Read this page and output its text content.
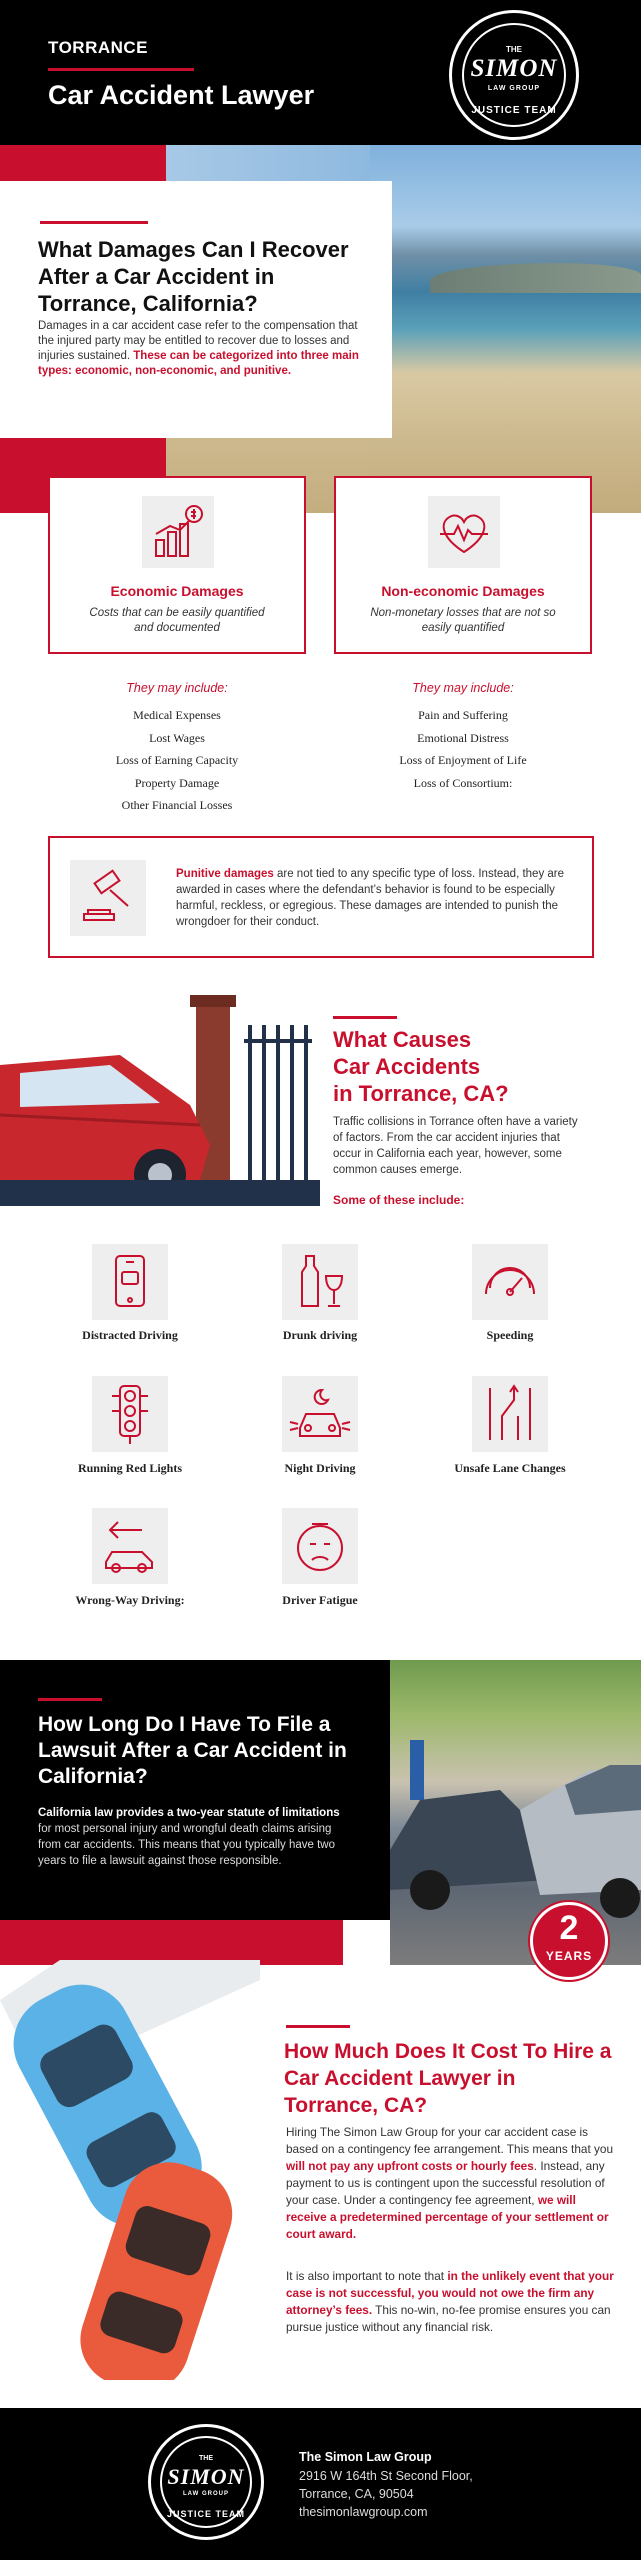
TORRANCE
Car Accident Lawyer
THE
SIMON
LAW GROUP
JUSTICE TEAM
What Damages Can I Recover After a Car Accident in Torrance, California?

Damages in a car accident case refer to the compensation that the injured party may be entitled to recover due to losses and injuries sustained. These can be categorized into three main types: economic, non-economic, and punitive.

Economic Damages
Costs that can be easily quantified and documented
Non-economic Damages
Non-monetary losses that are not so easily quantified
They may include:	They may include:
Medical Expenses
Lost Wages
Loss of Earning Capacity
Property Damage
Other Financial Losses
Pain and Suffering
Emotional Distress
Loss of Enjoyment of Life
Loss of Consortium:

Punitive damages are not tied to any specific type of loss. Instead, they are awarded in cases where the defendant’s behavior is found to be especially harmful, reckless, or egregious. These damages are intended to punish the wrongdoer for their conduct.

What Causes
Car Accidents
in Torrance, CA?

Traffic collisions in Torrance often have a variety of factors. From the car accident injuries that occur in California each year, however, some common causes emerge.

Some of these include:
Distracted Driving	Drunk driving	Speeding
Running Red Lights	Night Driving	Unsafe Lane Changes
Wrong-Way Driving:	Driver Fatigue
How Long Do I Have To File a Lawsuit After a Car Accident in California?

California law provides a two-year statute of limitations for most personal injury and wrongful death claims arising from car accidents. This means that you typically have two years to file a lawsuit against those responsible.

2
YEARS
How Much Does It Cost To Hire a Car Accident Lawyer in Torrance, CA?

Hiring The Simon Law Group for your car accident case is based on a contingency fee arrangement. This means that you will not pay any upfront costs or hourly fees. Instead, any payment to us is contingent upon the successful resolution of your case. Under a contingency fee agreement, we will receive a predetermined percentage of your settlement or court award.

It is also important to note that in the unlikely event that your case is not successful, you would not owe the firm any attorney’s fees. This no-win, no-fee promise ensures you can pursue justice without any financial risk.

THE
SIMON
LAW GROUP
JUSTICE TEAM
The Simon Law Group
2916 W 164th St Second Floor,
Torrance, CA, 90504
thesimonlawgroup.com
